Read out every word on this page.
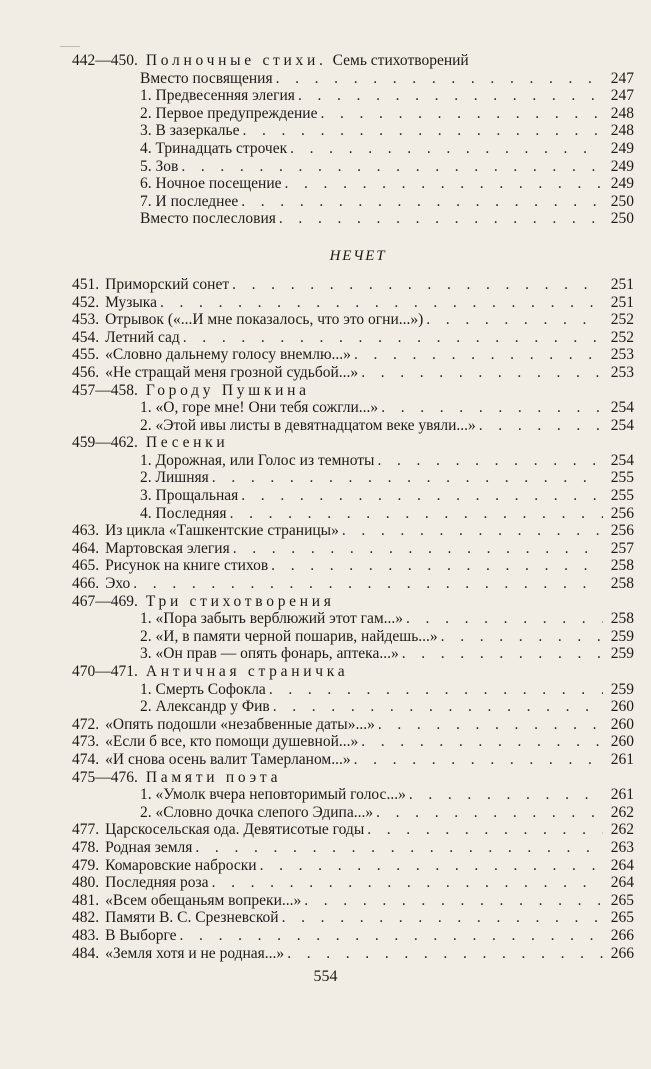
442—450. Полночные стихи. Семь стихотворений
Вместо посвящения . . .	247
1. Предвесенняя элегия . . .	247
2. Первое предупреждение . . .	248
3. В зазеркалье . . .	248
4. Тринадцать строчек . . .	249
5. Зов . . .	249
6. Ночное посещение . . .	249
7. И последнее . . .	250
Вместо послесловия . . .	250
НЕЧЕТ
451. Приморский сонет . . .	251
452. Музыка . . .	251
453. Отрывок («...И мне показалось, что это огни...») . . .	252
454. Летний сад . . .	252
455. «Словно дальнему голосу внемлю...» . . .	253
456. «Не стращай меня грозной судьбой...» . . .	253
457—458. Городу Пушкина
1. «О, горе мне! Они тебя сожгли...» . . .	254
2. «Этой ивы листы в девятнадцатом веке увяли...» . . .	254
459—462. Песенки
1. Дорожная, или Голос из темноты . . .	254
2. Лишняя . . .	255
3. Прощальная . . .	255
4. Последняя . . .	256
463. Из цикла «Ташкентские страницы» . . .	256
464. Мартовская элегия . . .	257
465. Рисунок на книге стихов . . .	258
466. Эхо . . .	258
467—469. Три стихотворения
1. «Пора забыть верблюжий этот гам...» . . .	258
2. «И, в памяти черной пошарив, найдешь...» . . .	259
3. «Он прав — опять фонарь, аптека...» . . .	259
470—471. Античная страничка
1. Смерть Софокла . . .	259
2. Александр у Фив . . .	260
472. «Опять подошли «незабвенные даты»...» . . .	260
473. «Если б все, кто помощи душевной...» . . .	260
474. «И снова осень валит Тамерланом...» . . .	261
475—476. Памяти поэта
1. «Умолк вчера неповторимый голос...» . . .	261
2. «Словно дочка слепого Эдипа...» . . .	262
477. Царскосельская ода. Девятисотые годы . . .	262
478. Родная земля . . .	263
479. Комаровские наброски . . .	264
480. Последняя роза . . .	264
481. «Всем обещаньям вопреки...» . . .	265
482. Памяти В. С. Срезневской . . .	265
483. В Выборге . . .	266
484. «Земля хотя и не родная...» . . .	266
554
